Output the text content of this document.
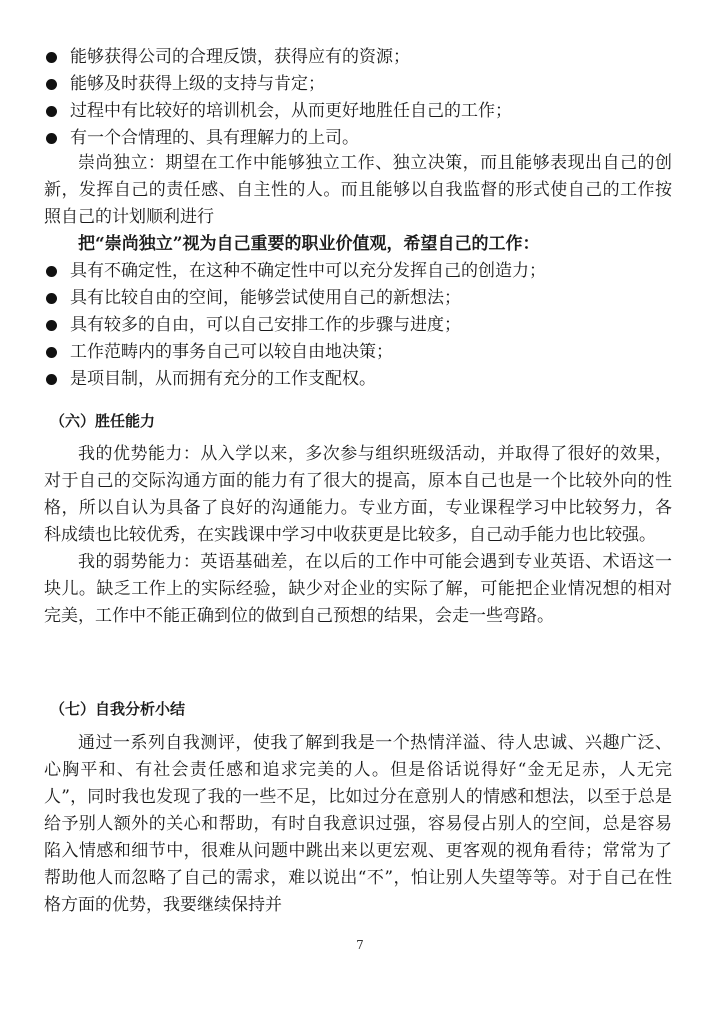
能够获得公司的合理反馈，获得应有的资源；
能够及时获得上级的支持与肯定；
过程中有比较好的培训机会，从而更好地胜任自己的工作；
有一个合情理的、具有理解力的上司。

崇尚独立：期望在工作中能够独立工作、独立决策，而且能够表现出自己的创新，发挥自己的责任感、自主性的人。而且能够以自我监督的形式使自己的工作按照自己的计划顺利进行

把“崇尚独立”视为自己重要的职业价值观，希望自己的工作：
具有不确定性，在这种不确定性中可以充分发挥自己的创造力；
具有比较自由的空间，能够尝试使用自己的新想法；
具有较多的自由，可以自己安排工作的步骤与进度；
工作范畴内的事务自己可以较自由地决策；
是项目制，从而拥有充分的工作支配权。
（六）胜任能力

我的优势能力：从入学以来，多次参与组织班级活动，并取得了很好的效果，对于自己的交际沟通方面的能力有了很大的提高，原本自己也是一个比较外向的性格，所以自认为具备了良好的沟通能力。专业方面，专业课程学习中比较努力，各科成绩也比较优秀，在实践课中学习中收获更是比较多，自己动手能力也比较强。

我的弱势能力：英语基础差，在以后的工作中可能会遇到专业英语、术语这一块儿。缺乏工作上的实际经验，缺少对企业的实际了解，可能把企业情况想的相对完美，工作中不能正确到位的做到自己预想的结果，会走一些弯路。

（七）自我分析小结

通过一系列自我测评，使我了解到我是一个热情洋溢、待人忠诚、兴趣广泛、心胸平和、有社会责任感和追求完美的人。但是俗话说得好“金无足赤，人无完人”，同时我也发现了我的一些不足，比如过分在意别人的情感和想法，以至于总是给予别人额外的关心和帮助，有时自我意识过强，容易侵占别人的空间，总是容易陷入情感和细节中，很难从问题中跳出来以更宏观、更客观的视角看待；常常为了帮助他人而忽略了自己的需求，难以说出“不”，怕让别人失望等等。对于自己在性格方面的优势，我要继续保持并

7
